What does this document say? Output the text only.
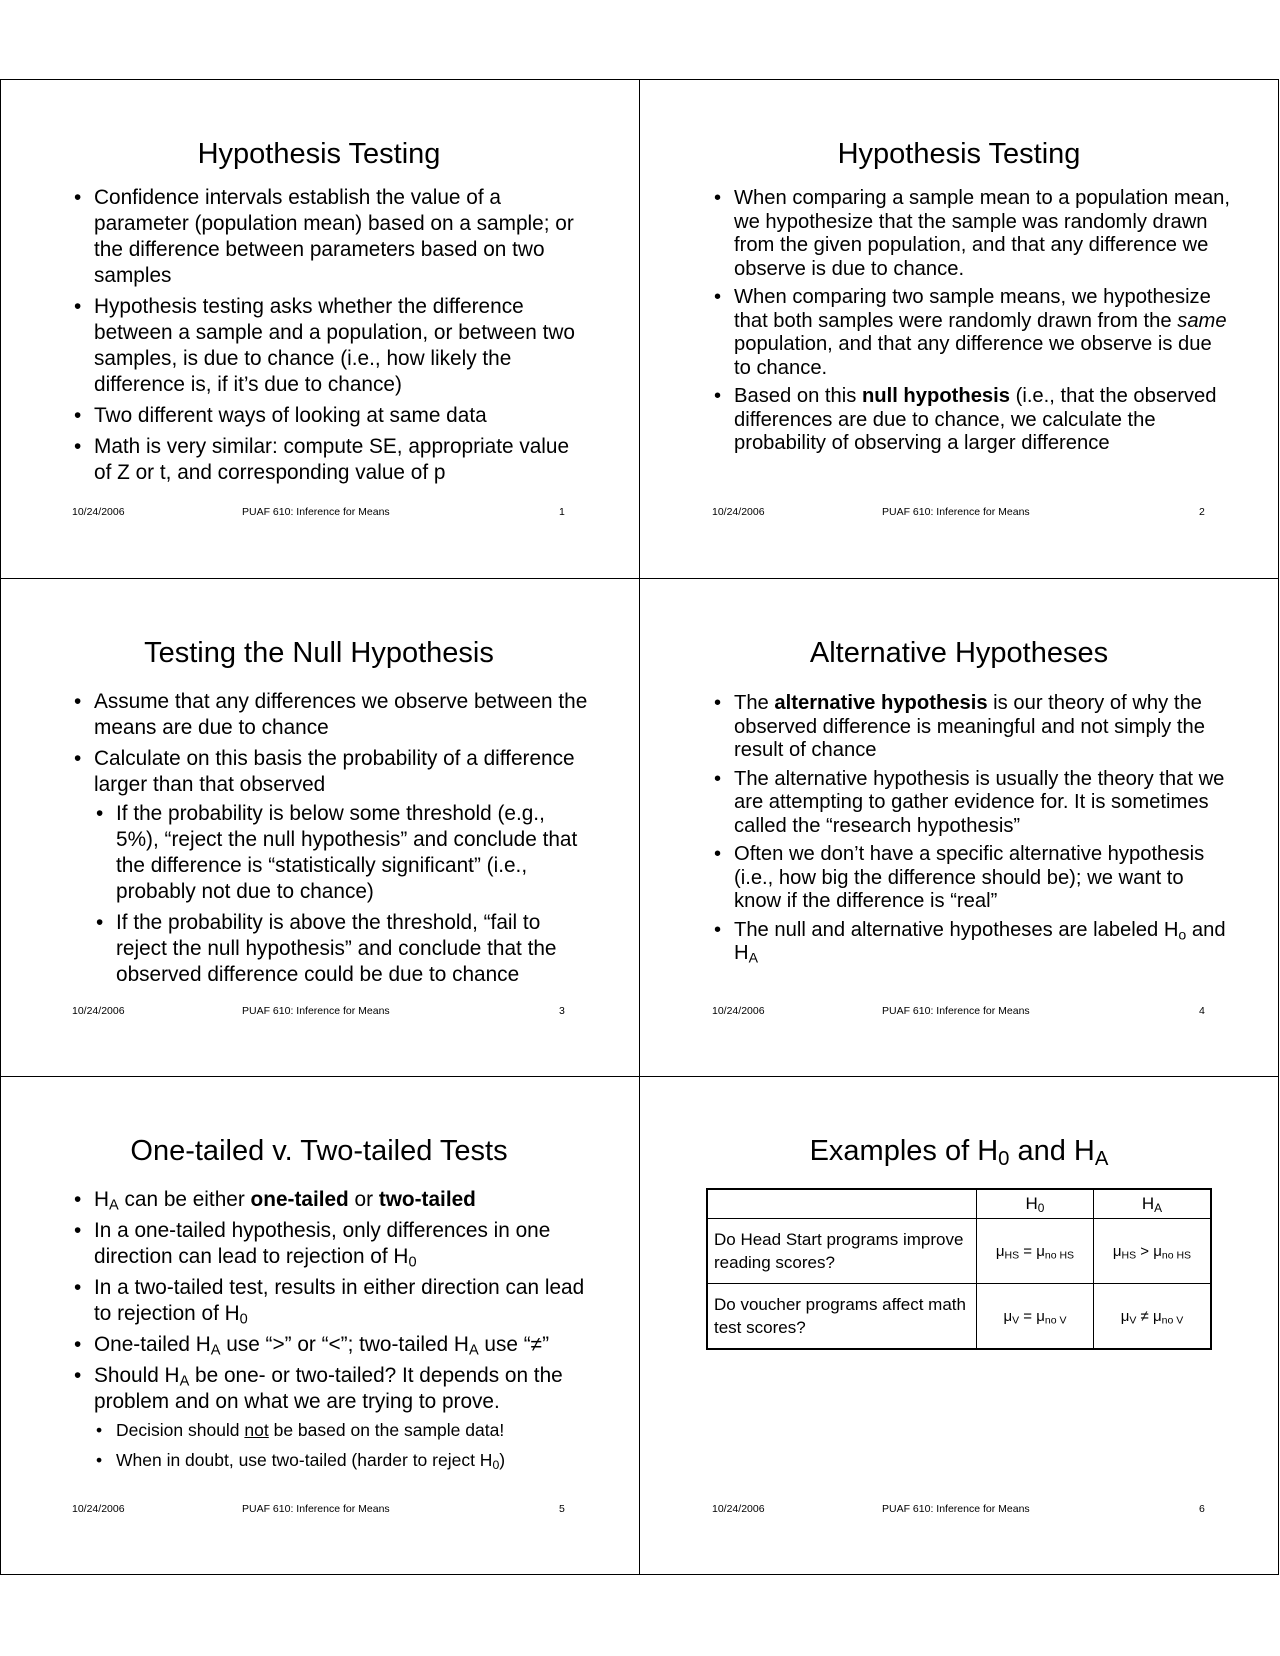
Hypothesis Testing
• Confidence intervals establish the value of a parameter (population mean) based on a sample; or the difference between parameters based on two samples
• Hypothesis testing asks whether the difference between a sample and a population, or between two samples, is due to chance (i.e., how likely the difference is, if it’s due to chance)
• Two different ways of looking at same data
• Math is very similar: compute SE, appropriate value of Z or t, and corresponding value of p
10/24/2006	PUAF 610: Inference for Means	1
Hypothesis Testing
• When comparing a sample mean to a population mean, we hypothesize that the sample was randomly drawn from the given population, and that any difference we observe is due to chance.
• When comparing two sample means, we hypothesize that both samples were randomly drawn from the same population, and that any difference we observe is due to chance.
• Based on this null hypothesis (i.e., that the observed differences are due to chance, we calculate the probability of observing a larger difference
10/24/2006	PUAF 610: Inference for Means	2
Testing the Null Hypothesis
• Assume that any differences we observe between the means are due to chance
• Calculate on this basis the probability of a difference larger than that observed
• If the probability is below some threshold (e.g., 5%), “reject the null hypothesis” and conclude that the difference is “statistically significant” (i.e., probably not due to chance)
• If the probability is above the threshold, “fail to reject the null hypothesis” and conclude that the observed difference could be due to chance
10/24/2006	PUAF 610: Inference for Means	3
Alternative Hypotheses
• The alternative hypothesis is our theory of why the observed difference is meaningful and not simply the result of chance
• The alternative hypothesis is usually the theory that we are attempting to gather evidence for. It is sometimes called the “research hypothesis”
• Often we don’t have a specific alternative hypothesis (i.e., how big the difference should be); we want to know if the difference is “real”
• The null and alternative hypotheses are labeled $H_o$ and $H_A$
10/24/2006	PUAF 610: Inference for Means	4
One-tailed v. Two-tailed Tests
• $H_A$ can be either one-tailed or two-tailed
• In a one-tailed hypothesis, only differences in one direction can lead to rejection of $H_0$
• In a two-tailed test, results in either direction can lead to rejection of $H_0$
• One-tailed $H_A$ use “>” or “<”; two-tailed $H_A$ use “≠”
• Should $H_A$ be one- or two-tailed? It depends on the problem and on what we are trying to prove.
• Decision should not be based on the sample data!
• When in doubt, use two-tailed (harder to reject $H_0$)
10/24/2006	PUAF 610: Inference for Means	5
Examples of $H_0$ and $H_A$
	$H_0$	$H_A$
Do Head Start programs improve reading scores?	$\mu_{HS} = \mu_{no HS}$	$\mu_{HS} > \mu_{no HS}$
Do voucher programs affect math test scores?	$\mu_V = \mu_{no V}$	$\mu_V \ne \mu_{no V}$
10/24/2006	PUAF 610: Inference for Means	6
